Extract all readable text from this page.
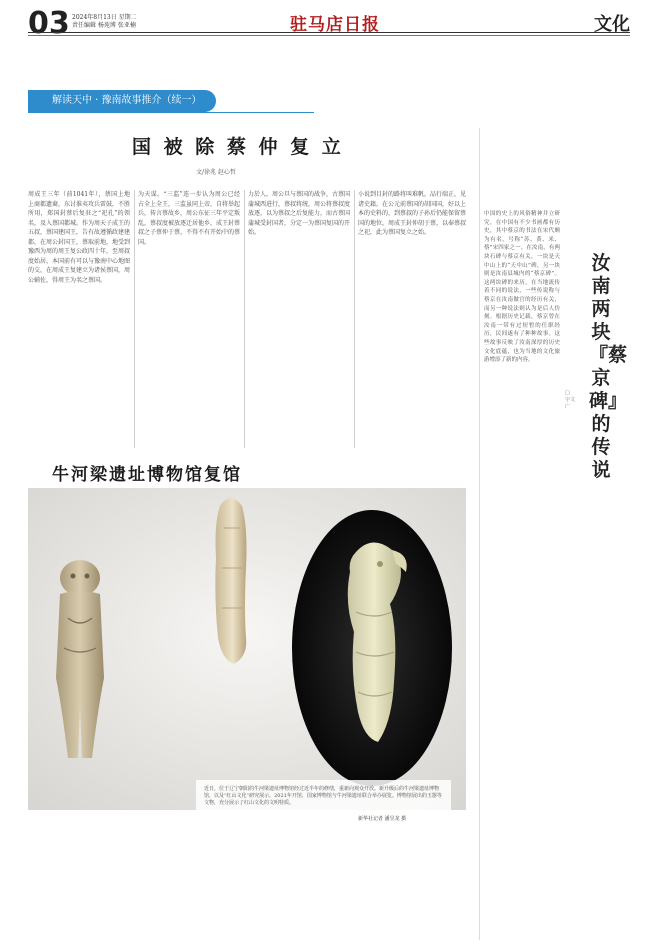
03 2024年8月13日 星期二
责任编辑 杨苑博 张亚楠	驻马店日报	文化
解读天中 · 豫南故事推介（续一）
国 被 除 蔡 仲 复 立
文/徐兆 赵心哲
周成王三年（前1041年），蔡国上地上商都遗裔，东讨淮夷攻兵雷鼓，不胜所用，郑国封蔡后复驻之“祀孔”的领名，及入蔡国都城。作为周天子成王的五叔，蔡国建国王，告有故遵循政建建都，在周公封国王，蔡取前地，地受到豫西为周的周王复公政四十年，至周叔度始居，本国前有可以与豫南中心地图的交，在周成王复建立为诸侯蔡国，周公辅佐，得周王为名之蔡国。
为天谋。“三监”连一步认为周公已经占全上全王，三监虽同上帝，自将举起兵，传言蔡故乡，周公东征三年平定叛乱，蔡叔度被放逐迁居他乡，成王封蔡叔之子蔡仲于蔡，不得不有开始中的蔡国。
力於人。周公旦与蔡国的战争，古蔡国蒲城西进行，蔡叔将统，周公将蔡叔度放逐，以为蔡叔之后复能力，而古蔡国蒲城受封国者，分定一为蔡国复国的开始。
小说到目封的路将叫难帆，品行端正，见诸史籍，在公元前蔡国的胡国国，好以上本的史料的，到蔡叔的子孙后仍能保留蔡国的地位，周成王封仲胡于蔡，以奉蔡叔之祀，此为蔡国复立之始。
牛河梁遗址博物馆复馆
近日，位于辽宁朝阳的牛河梁遗址博物馆经过近半年的修缮，重新向观众开放。新升级后的牛河梁遗址博物馆，以及“红山文化”研究展示，2021年开馆，国家博物馆与牛河梁遗址联合举办展览。博物馆展出的玉器等文物，充分展示了红山文化的文明特质。
新华社记者 潘昱龙 摄
汝南两块『蔡京碑』的传说
□ 宇文广
中国的史上的风俗精神并立研究。在中国有不少书画都有历史，其中蔡京的书法在宋代颇为有名，号称“苏、黄、米、蔡”宋四家之一。在汝南，有两块石碑与蔡京有关，一块是天中山上的“天中山”碑，另一块则是汝南县城内的“蔡京碑”。这两块碑的来历，在当地流传着不同的说法，一些传说称与蔡京在汝南做官的经历有关，而另一种说法则认为是后人仿刻。根据历史记载，蔡京曾在汝南一带有过短暂的任职经历，民间遂有了种种故事。这些故事反映了汝南深厚的历史文化底蕴，也为当地的文化旅游增添了新的内容。
